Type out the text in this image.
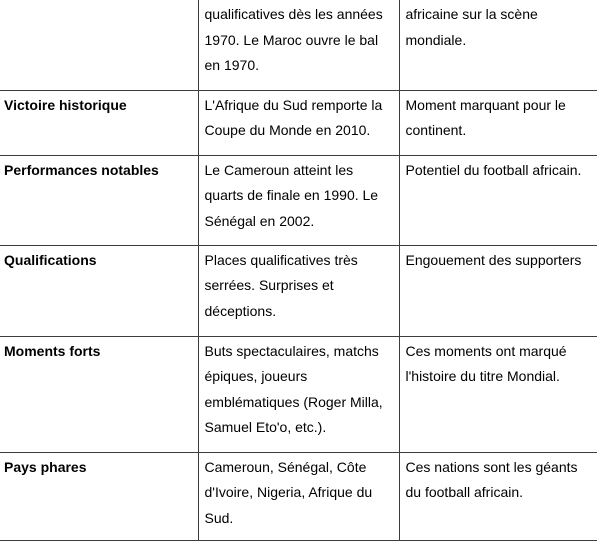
	qualificatives dès les années 1970. Le Maroc ouvre le bal en 1970.	africaine sur la scène mondiale.
Victoire historique	L'Afrique du Sud remporte la Coupe du Monde en 2010.	Moment marquant pour le continent.
Performances notables	Le Cameroun atteint les quarts de finale en 1990. Le Sénégal en 2002.	Potentiel du football africain.
Qualifications	Places qualificatives très serrées. Surprises et déceptions.	Engouement des supporters
Moments forts	Buts spectaculaires, matchs épiques, joueurs emblématiques (Roger Milla, Samuel Eto'o, etc.).	Ces moments ont marqué l'histoire du titre Mondial.
Pays phares	Cameroun, Sénégal, Côte d'Ivoire, Nigeria, Afrique du Sud.	Ces nations sont les géants du football africain.
